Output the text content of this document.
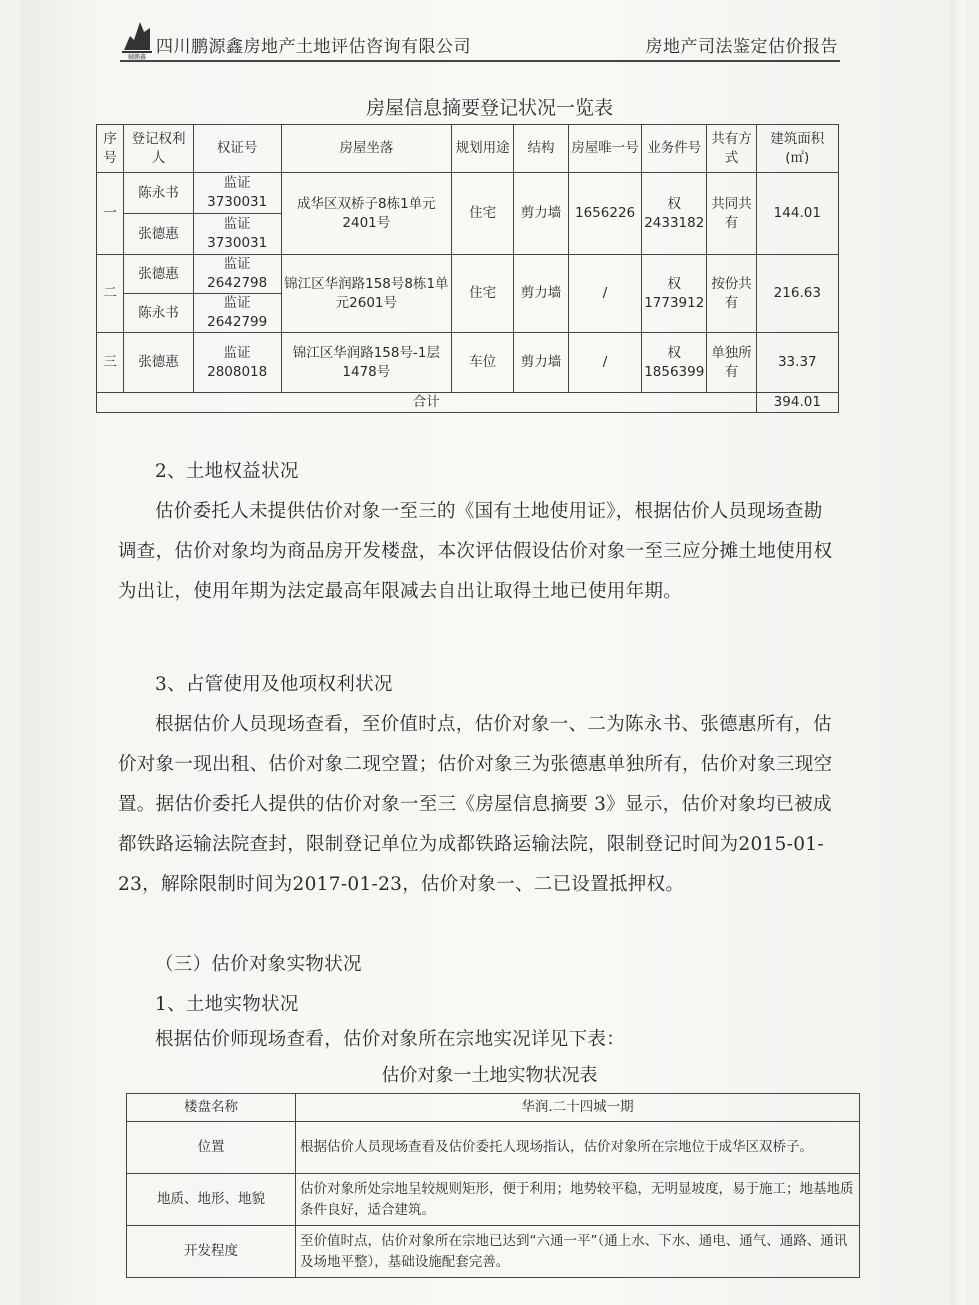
輔鹏鑫
四川鹏源鑫房地产土地评估咨询有限公司	房地产司法鉴定估价报告
房屋信息摘要登记状况一览表
序号	登记权利人	权证号	房屋坐落	规划用途	结构	房屋唯一号	业务件号	共有方式	建筑面积(㎡)
一	陈永书	监证3730031	成华区双桥子8栋1单元2401号	住宅	剪力墙	1656226	权2433182	共同共有	144.01
	张德惠	监证3730031							
二	张德惠	监证2642798	锦江区华润路158号8栋1单元2601号	住宅	剪力墙	/	权1773912	按份共有	216.63
	陈永书	监证2642799							
三	张德惠	监证2808018	锦江区华润路158号-1层1478号	车位	剪力墙	/	权1856399	单独所有	33.37
合计									394.01
2、土地权益状况
估价委托人未提供估价对象一至三的《国有土地使用证》，根据估价人员现场查勘调查，估价对象均为商品房开发楼盘，本次评估假设估价对象一至三应分摊土地使用权为出让，使用年期为法定最高年限减去自出让取得土地已使用年期。
3、占管使用及他项权利状况
根据估价人员现场查看，至价值时点，估价对象一、二为陈永书、张德惠所有，估价对象一现出租、估价对象二现空置；估价对象三为张德惠单独所有，估价对象三现空置。据估价委托人提供的估价对象一至三《房屋信息摘要 3》显示，估价对象均已被成都铁路运输法院查封，限制登记单位为成都铁路运输法院，限制登记时间为2015-01-23，解除限制时间为2017-01-23，估价对象一、二已设置抵押权。
（三）估价对象实物状况
1、土地实物状况
根据估价师现场查看，估价对象所在宗地实况详见下表：
估价对象一土地实物状况表
楼盘名称	华润.二十四城一期
位置	根据估价人员现场查看及估价委托人现场指认，估价对象所在宗地位于成华区双桥子。
地质、地形、地貌	估价对象所处宗地呈较规则矩形，便于利用；地势较平稳，无明显坡度，易于施工；地基地质条件良好，适合建筑。
开发程度	至价值时点，估价对象所在宗地已达到“六通一平”（通上水、下水、通电、通气、通路、通讯及场地平整），基础设施配套完善。
